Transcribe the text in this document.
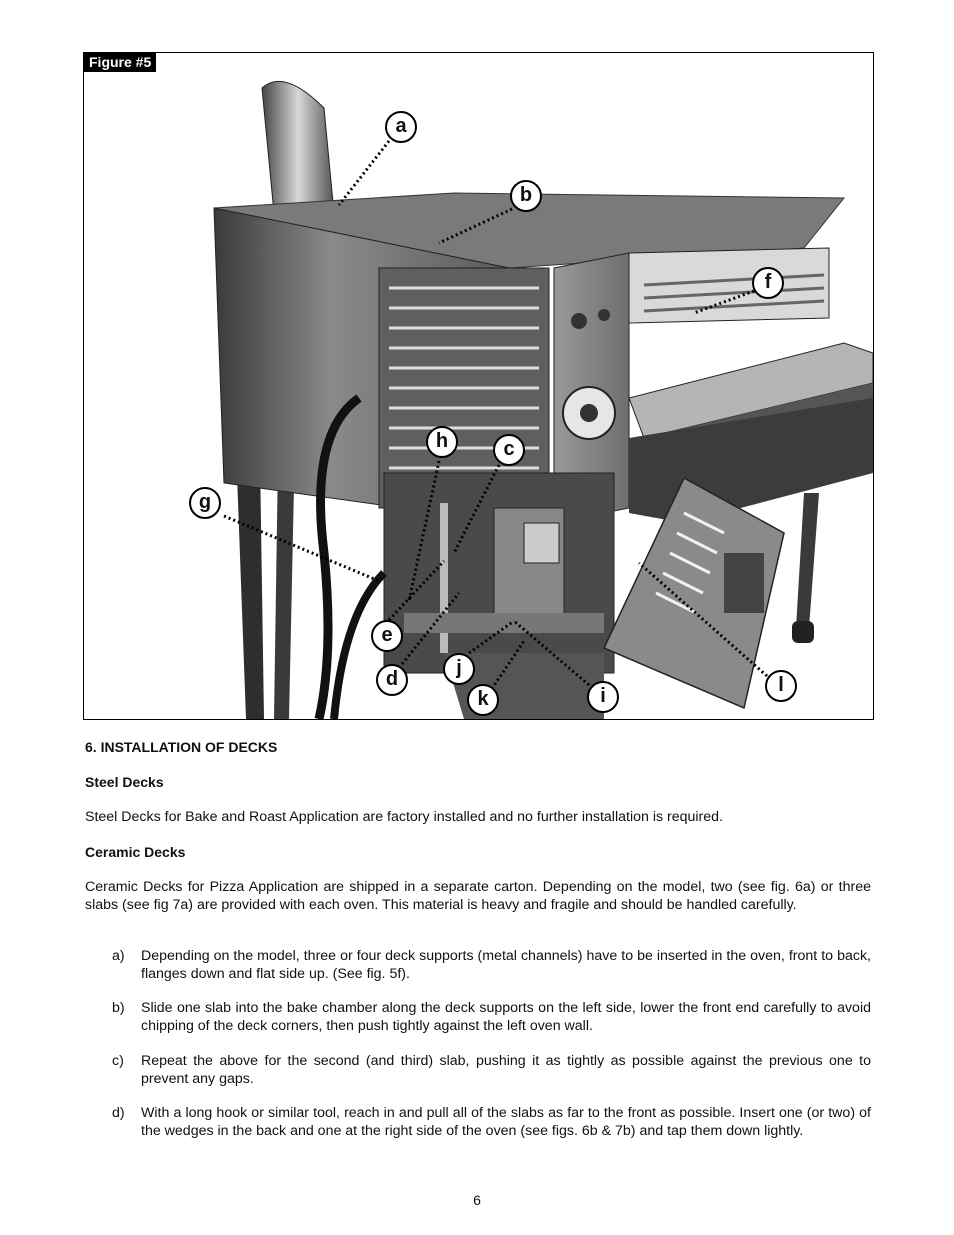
Figure #5
a
b
f
h	c
g
e
j
d	l
k	i
6. INSTALLATION OF DECKS
Steel Decks
Steel Decks for Bake and Roast Application are factory installed and no further installation is required.
Ceramic Decks
Ceramic Decks for Pizza Application are shipped in a separate carton. Depending on the model, two (see fig. 6a) or three slabs (see fig 7a) are provided with each oven. This material is heavy and fragile and should be handled carefully.
a)	Depending on the model, three or four deck supports (metal channels) have to be inserted in the oven, front to back, flanges down and flat side up. (See fig. 5f).
b)	Slide one slab into the bake chamber along the deck supports on the left side, lower the front end carefully to avoid chipping of the deck corners, then push tightly against the left oven wall.
c)	Repeat the above for the second (and third) slab, pushing it as tightly as possible against the previous one to prevent any gaps.
d)	With a long hook or similar tool, reach in and pull all of the slabs as far to the front as possible. Insert one (or two) of the wedges in the back and one at the right side of the oven (see figs. 6b & 7b) and tap them down lightly.
6
